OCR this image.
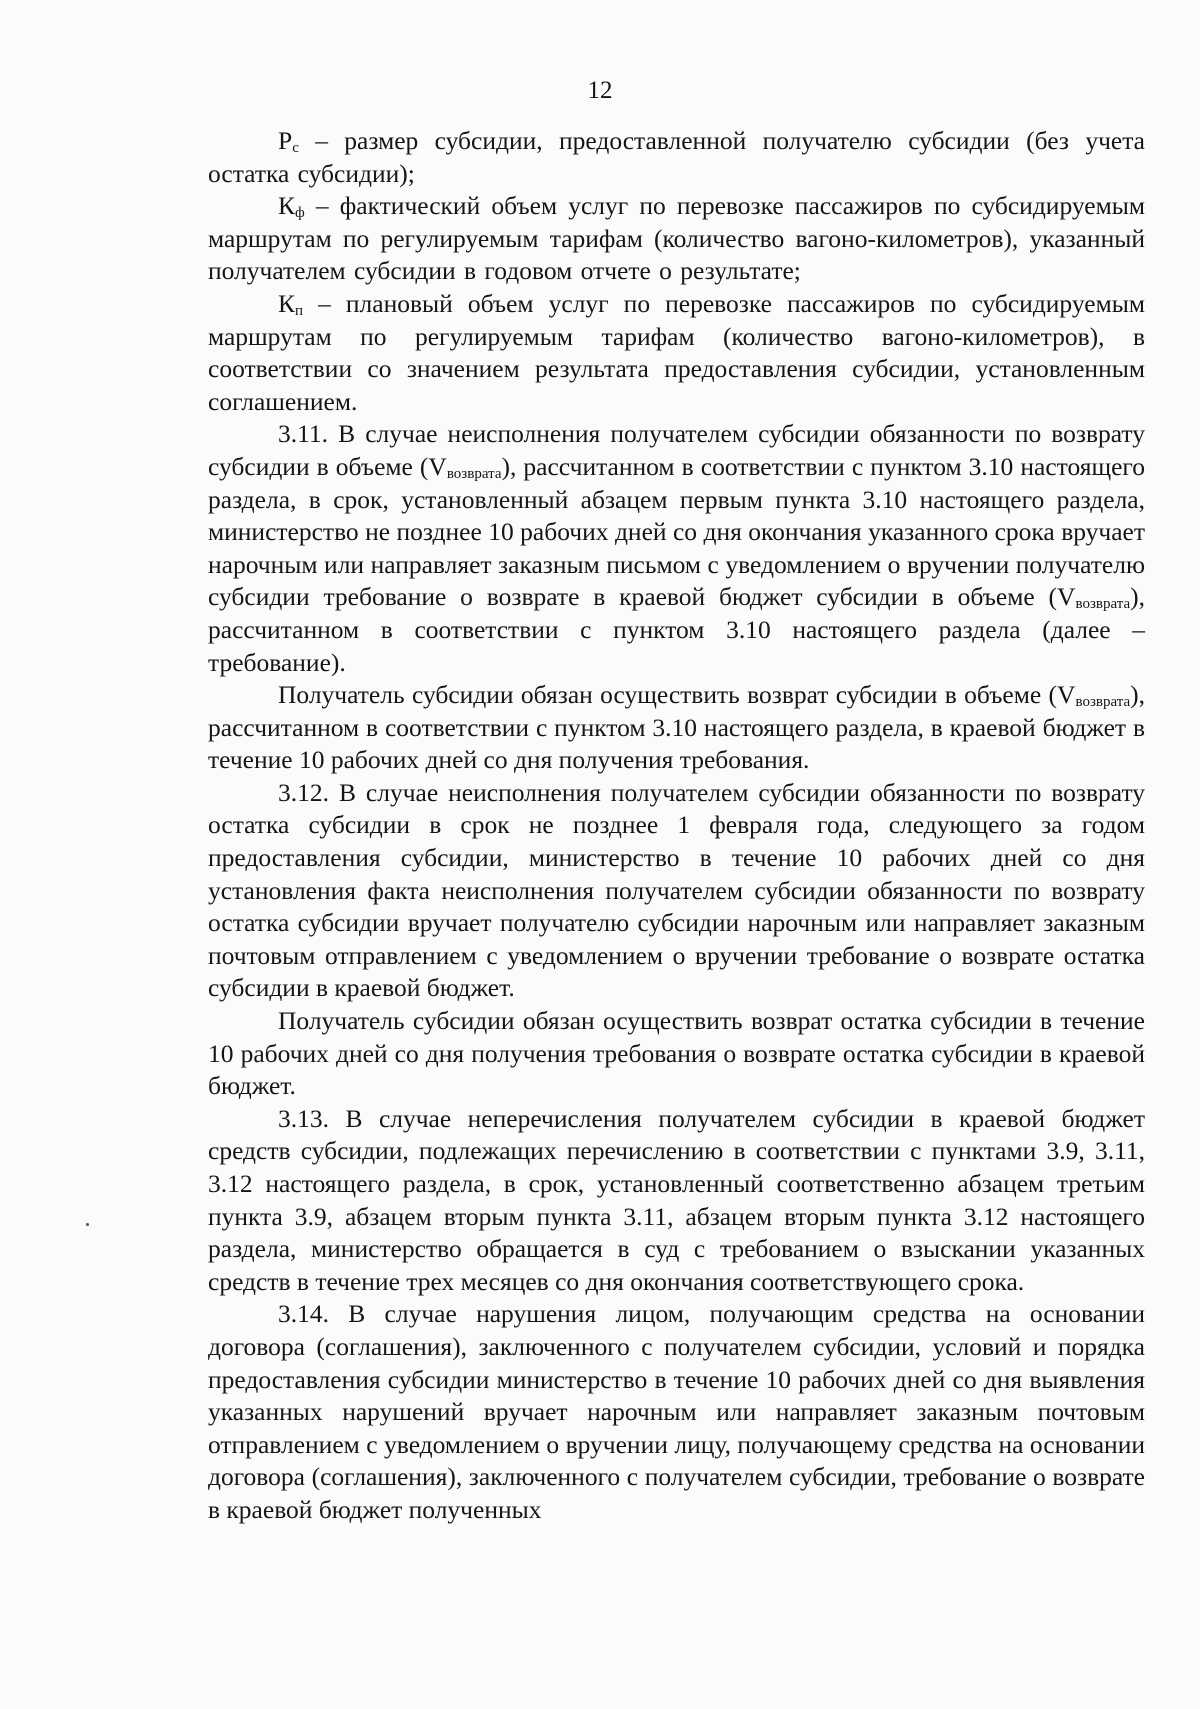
12

$Р_с$ – размер субсидии, предоставленной получателю субсидии (без учета остатка субсидии);

$К_ф$ – фактический объем услуг по перевозке пассажиров по субсидируемым маршрутам по регулируемым тарифам (количество вагоно-километров), указанный получателем субсидии в годовом отчете о результате;

$К_п$ – плановый объем услуг по перевозке пассажиров по субсидируемым маршрутам по регулируемым тарифам (количество вагоно-километров), в соответствии со значением результата предоставления субсидии, установленным соглашением.

3.11. В случае неисполнения получателем субсидии обязанности по возврату субсидии в объеме $(V_{возврата})$, рассчитанном в соответствии с пунктом 3.10 настоящего раздела, в срок, установленный абзацем первым пункта 3.10 настоящего раздела, министерство не позднее 10 рабочих дней со дня окончания указанного срока вручает нарочным или направляет заказным письмом с уведомлением о вручении получателю субсидии требование о возврате в краевой бюджет субсидии в объеме $(V_{возврата})$, рассчитанном в соответствии с пунктом 3.10 настоящего раздела (далее – требование).

Получатель субсидии обязан осуществить возврат субсидии в объеме $(V_{возврата})$, рассчитанном в соответствии с пунктом 3.10 настоящего раздела, в краевой бюджет в течение 10 рабочих дней со дня получения требования.

3.12. В случае неисполнения получателем субсидии обязанности по возврату остатка субсидии в срок не позднее 1 февраля года, следующего за годом предоставления субсидии, министерство в течение 10 рабочих дней со дня установления факта неисполнения получателем субсидии обязанности по возврату остатка субсидии вручает получателю субсидии нарочным или направляет заказным почтовым отправлением с уведомлением о вручении требование о возврате остатка субсидии в краевой бюджет.

Получатель субсидии обязан осуществить возврат остатка субсидии в течение 10 рабочих дней со дня получения требования о возврате остатка субсидии в краевой бюджет.

3.13. В случае неперечисления получателем субсидии в краевой бюджет средств субсидии, подлежащих перечислению в соответствии с пунктами 3.9, 3.11, 3.12 настоящего раздела, в срок, установленный соответственно абзацем третьим пункта 3.9, абзацем вторым пункта 3.11, абзацем вторым пункта 3.12 настоящего раздела, министерство обращается в суд с требованием о взыскании указанных средств в течение трех месяцев со дня окончания соответствующего срока.

3.14. В случае нарушения лицом, получающим средства на основании договора (соглашения), заключенного с получателем субсидии, условий и порядка предоставления субсидии министерство в течение 10 рабочих дней со дня выявления указанных нарушений вручает нарочным или направляет заказным почтовым отправлением с уведомлением о вручении лицу, получающему средства на основании договора (соглашения), заключенного с получателем субсидии, требование о возврате в краевой бюджет полученных
